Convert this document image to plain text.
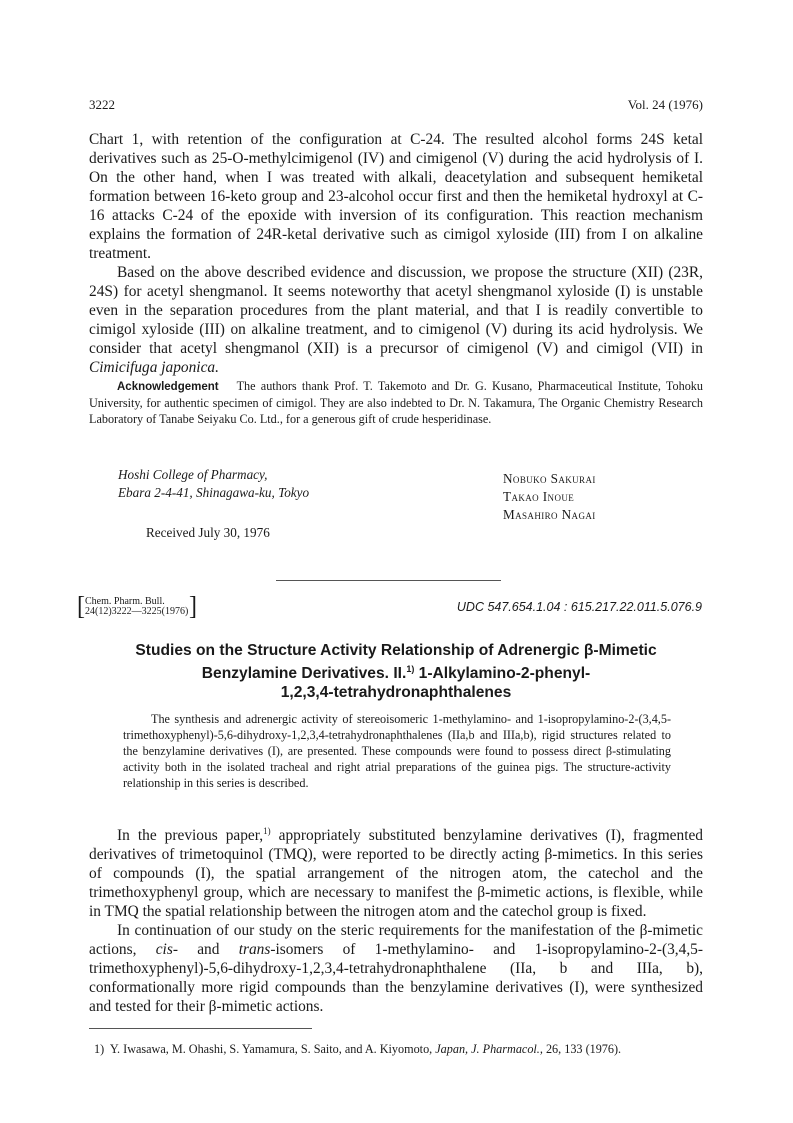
3222	Vol. 24 (1976)

Chart 1, with retention of the configuration at C-24. The resulted alcohol forms 24S ketal derivatives such as 25-O-methylcimigenol (IV) and cimigenol (V) during the acid hydrolysis of I. On the other hand, when I was treated with alkali, deacetylation and subsequent hemiketal formation between 16-keto group and 23-alcohol occur first and then the hemiketal hydroxyl at C-16 attacks C-24 of the epoxide with inversion of its configuration. This reaction mechanism explains the formation of 24R-ketal derivative such as cimigol xyloside (III) from I on alkaline treatment.

Based on the above described evidence and discussion, we propose the structure (XII) (23R, 24S) for acetyl shengmanol. It seems noteworthy that acetyl shengmanol xyloside (I) is unstable even in the separation procedures from the plant material, and that I is readily convertible to cimigol xyloside (III) on alkaline treatment, and to cimigenol (V) during its acid hydrolysis. We consider that acetyl shengmanol (XII) is a precursor of cimigenol (V) and cimigol (VII) in Cimicifuga japonica.

Acknowledgement The authors thank Prof. T. Takemoto and Dr. G. Kusano, Pharmaceutical Institute, Tohoku University, for authentic specimen of cimigol. They are also indebted to Dr. N. Takamura, The Organic Chemistry Research Laboratory of Tanabe Seiyaku Co. Ltd., for a generous gift of crude hesperidinase.

Hoshi College of Pharmacy,
Ebara 2-4-41, Shinagawa-ku, Tokyo
Received July 30, 1976
Nobuko Sakurai
Takao Inoue
Masahiro Nagai
[ Chem. Pharm. Bull.
24(12)3222—3225(1976) ]	UDC 547.654.1.04 : 615.217.22.011.5.076.9
Studies on the Structure Activity Relationship of Adrenergic β-Mimetic
Benzylamine Derivatives. II.$^{1)}$ 1-Alkylamino-2-phenyl-
1,2,3,4-tetrahydronaphthalenes

The synthesis and adrenergic activity of stereoisomeric 1-methylamino- and 1-isopropylamino-2-(3,4,5-trimethoxyphenyl)-5,6-dihydroxy-1,2,3,4-tetrahydronaphthalenes (IIa,b and IIIa,b), rigid structures related to the benzylamine derivatives (I), are presented. These compounds were found to possess direct β-stimulating activity both in the isolated tracheal and right atrial preparations of the guinea pigs. The structure-activity relationship in this series is described.

In the previous paper,$^{1)}$ appropriately substituted benzylamine derivatives (I), fragmented derivatives of trimetoquinol (TMQ), were reported to be directly acting β-mimetics. In this series of compounds (I), the spatial arrangement of the nitrogen atom, the catechol and the trimethoxyphenyl group, which are necessary to manifest the β-mimetic actions, is flexible, while in TMQ the spatial relationship between the nitrogen atom and the catechol group is fixed.

In continuation of our study on the steric requirements for the manifestation of the β-mimetic actions, cis- and trans-isomers of 1-methylamino- and 1-isopropylamino-2-(3,4,5-trimethoxyphenyl)-5,6-dihydroxy-1,2,3,4-tetrahydronaphthalene (IIa, b and IIIa, b), conformationally more rigid compounds than the benzylamine derivatives (I), were synthesized and tested for their β-mimetic actions.

1) Y. Iwasawa, M. Ohashi, S. Yamamura, S. Saito, and A. Kiyomoto, Japan, J. Pharmacol., 26, 133 (1976).
